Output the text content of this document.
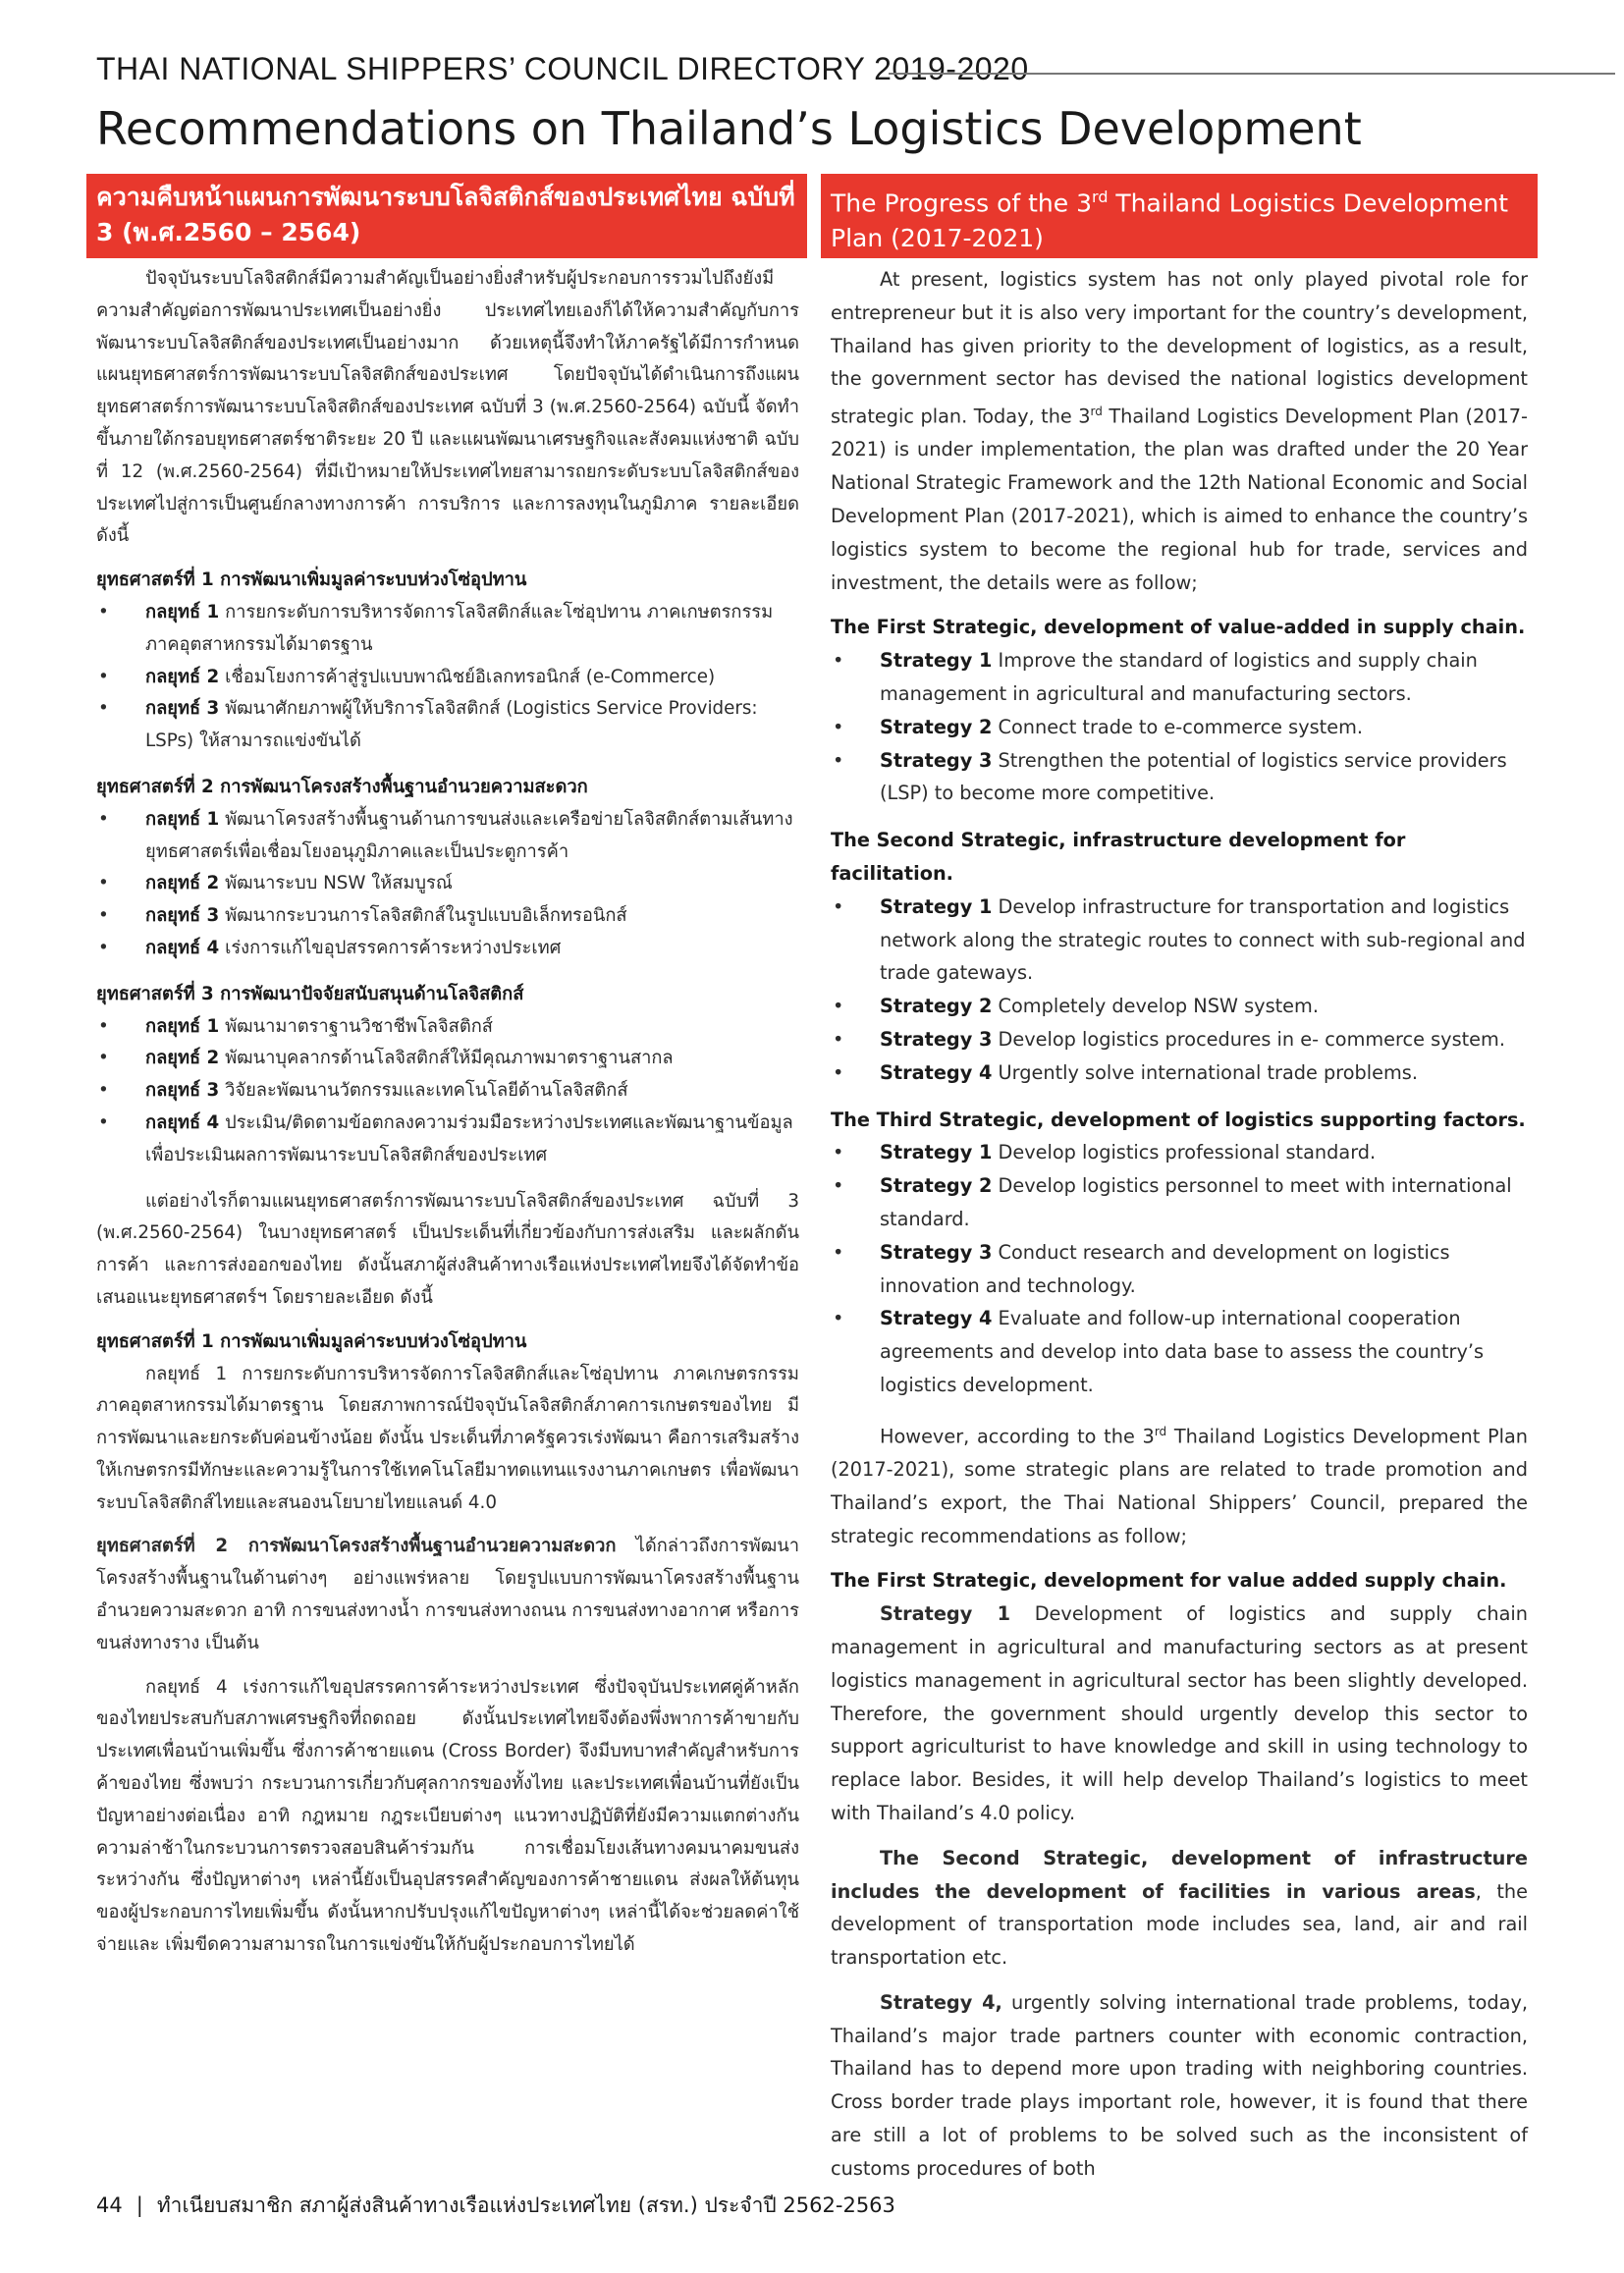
THAI NATIONAL SHIPPERS’ COUNCIL DIRECTORY 2019-2020
Recommendations on Thailand’s Logistics Development
ความคืบหน้าแผนการพัฒนาระบบโลจิสติกส์ของประเทศไทย ฉบับที่ 3 (พ.ศ.2560 – 2564)
The Progress of the 3rd Thailand Logistics Development Plan (2017-2021)

ปัจจุบันระบบโลจิสติกส์มีความสำคัญเป็นอย่างยิ่งสำหรับผู้ประกอบการรวมไปถึงยังมีความสำคัญต่อการพัฒนาประเทศเป็นอย่างยิ่ง ประเทศไทยเองก็ได้ให้ความสำคัญกับการพัฒนาระบบโลจิสติกส์ของประเทศเป็นอย่างมาก ด้วยเหตุนี้จึงทำให้ภาครัฐได้มีการกำหนดแผนยุทธศาสตร์การพัฒนาระบบโลจิสติกส์ของประเทศ โดยปัจจุบันได้ดำเนินการถึงแผนยุทธศาสตร์การพัฒนาระบบโลจิสติกส์ของประเทศ ฉบับที่ 3 (พ.ศ.2560-2564) ฉบับนี้ จัดทำขึ้นภายใต้กรอบยุทธศาสตร์ชาติระยะ 20 ปี และแผนพัฒนาเศรษฐกิจและสังคมแห่งชาติ ฉบับที่ 12 (พ.ศ.2560-2564) ที่มีเป้าหมายให้ประเทศไทยสามารถยกระดับระบบโลจิสติกส์ของประเทศไปสู่การเป็นศูนย์กลางทางการค้า การบริการ และการลงทุนในภูมิภาค รายละเอียด ดังนี้

ยุทธศาสตร์ที่ 1 การพัฒนาเพิ่มมูลค่าระบบห่วงโซ่อุปทาน
• กลยุทธ์ 1 การยกระดับการบริหารจัดการโลจิสติกส์และโซ่อุปทาน ภาคเกษตรกรรม ภาคอุตสาหกรรมได้มาตรฐาน
• กลยุทธ์ 2 เชื่อมโยงการค้าสู่รูปแบบพาณิชย์อิเลกทรอนิกส์ (e-Commerce)
• กลยุทธ์ 3 พัฒนาศักยภาพผู้ให้บริการโลจิสติกส์ (Logistics Service Providers: LSPs) ให้สามารถแข่งขันได้
ยุทธศาสตร์ที่ 2 การพัฒนาโครงสร้างพื้นฐานอำนวยความสะดวก
• กลยุทธ์ 1 พัฒนาโครงสร้างพื้นฐานด้านการขนส่งและเครือข่ายโลจิสติกส์ตามเส้นทางยุทธศาสตร์เพื่อเชื่อมโยงอนุภูมิภาคและเป็นประตูการค้า
• กลยุทธ์ 2 พัฒนาระบบ NSW ให้สมบูรณ์
• กลยุทธ์ 3 พัฒนากระบวนการโลจิสติกส์ในรูปแบบอิเล็กทรอนิกส์
• กลยุทธ์ 4 เร่งการแก้ไขอุปสรรคการค้าระหว่างประเทศ
ยุทธศาสตร์ที่ 3 การพัฒนาปัจจัยสนับสนุนด้านโลจิสติกส์
• กลยุทธ์ 1 พัฒนามาตราฐานวิชาชีพโลจิสติกส์
• กลยุทธ์ 2 พัฒนาบุคลากรด้านโลจิสติกส์ให้มีคุณภาพมาตราฐานสากล
• กลยุทธ์ 3 วิจัยละพัฒนานวัตกรรมและเทคโนโลยีด้านโลจิสติกส์
• กลยุทธ์ 4 ประเมิน/ติดตามข้อตกลงความร่วมมือระหว่างประเทศและพัฒนาฐานข้อมูล เพื่อประเมินผลการพัฒนาระบบโลจิสติกส์ของประเทศ

แต่อย่างไรก็ตามแผนยุทธศาสตร์การพัฒนาระบบโลจิสติกส์ของประเทศ ฉบับที่ 3 (พ.ศ.2560-2564) ในบางยุทธศาสตร์ เป็นประเด็นที่เกี่ยวข้องกับการส่งเสริม และผลักดันการค้า และการส่งออกของไทย ดังนั้นสภาผู้ส่งสินค้าทางเรือแห่งประเทศไทยจึงได้จัดทำข้อเสนอแนะยุทธศาสตร์ฯ โดยรายละเอียด ดังนี้

ยุทธศาสตร์ที่ 1 การพัฒนาเพิ่มมูลค่าระบบห่วงโซ่อุปทาน

กลยุทธ์ 1 การยกระดับการบริหารจัดการโลจิสติกส์และโซ่อุปทาน ภาคเกษตรกรรม ภาคอุตสาหกรรมได้มาตรฐาน โดยสภาพการณ์ปัจจุบันโลจิสติกส์ภาคการเกษตรของไทย มีการพัฒนาและยกระดับค่อนข้างน้อย ดังนั้น ประเด็นที่ภาครัฐควรเร่งพัฒนา คือการเสริมสร้างให้เกษตรกรมีทักษะและความรู้ในการใช้เทคโนโลยีมาทดแทนแรงงานภาคเกษตร เพื่อพัฒนาระบบโลจิสติกส์ไทยและสนองนโยบายไทยแลนด์ 4.0

ยุทธศาสตร์ที่ 2 การพัฒนาโครงสร้างพื้นฐานอำนวยความสะดวก ได้กล่าวถึงการพัฒนาโครงสร้างพื้นฐานในด้านต่างๆ อย่างแพร่หลาย โดยรูปแบบการพัฒนาโครงสร้างพื้นฐานอำนวยความสะดวก อาทิ การขนส่งทางน้ำ การขนส่งทางถนน การขนส่งทางอากาศ หรือการขนส่งทางราง เป็นต้น

กลยุทธ์ 4 เร่งการแก้ไขอุปสรรคการค้าระหว่างประเทศ ซึ่งปัจจุบันประเทศคู่ค้าหลักของไทยประสบกับสภาพเศรษฐกิจที่ถดถอย ดังนั้นประเทศไทยจึงต้องพึ่งพาการค้าขายกับประเทศเพื่อนบ้านเพิ่มขึ้น ซึ่งการค้าชายแดน (Cross Border) จึงมีบทบาทสำคัญสำหรับการค้าของไทย ซึ่งพบว่า กระบวนการเกี่ยวกับศุลกากรของทั้งไทย และประเทศเพื่อนบ้านที่ยังเป็นปัญหาอย่างต่อเนื่อง อาทิ กฎหมาย กฎระเบียบต่างๆ แนวทางปฏิบัติที่ยังมีความแตกต่างกัน ความล่าช้าในกระบวนการตรวจสอบสินค้าร่วมกัน การเชื่อมโยงเส้นทางคมนาคมขนส่งระหว่างกัน ซึ่งปัญหาต่างๆ เหล่านี้ยังเป็นอุปสรรคสำคัญของการค้าชายแดน ส่งผลให้ต้นทุนของผู้ประกอบการไทยเพิ่มขึ้น ดังนั้นหากปรับปรุงแก้ไขปัญหาต่างๆ เหล่านี้ได้จะช่วยลดค่าใช้จ่ายและ เพิ่มขีดความสามารถในการแข่งขันให้กับผู้ประกอบการไทยได้

At present, logistics system has not only played pivotal role for entrepreneur but it is also very important for the country’s development, Thailand has given priority to the development of logistics, as a result, the government sector has devised the national logistics development strategic plan. Today, the 3rd Thailand Logistics Development Plan (2017-2021) is under implementation, the plan was drafted under the 20 Year National Strategic Framework and the 12th National Economic and Social Development Plan (2017-2021), which is aimed to enhance the country’s logistics system to become the regional hub for trade, services and investment, the details were as follow;

The First Strategic, development of value-added in supply chain.
• Strategy 1 Improve the standard of logistics and supply chain management in agricultural and manufacturing sectors.
• Strategy 2 Connect trade to e-commerce system.
• Strategy 3 Strengthen the potential of logistics service providers (LSP) to become more competitive.
The Second Strategic, infrastructure development for facilitation.
• Strategy 1 Develop infrastructure for transportation and logistics network along the strategic routes to connect with sub-regional and trade gateways.
• Strategy 2 Completely develop NSW system.
• Strategy 3 Develop logistics procedures in e- commerce system.
• Strategy 4 Urgently solve international trade problems.
The Third Strategic, development of logistics supporting factors.
• Strategy 1 Develop logistics professional standard.
• Strategy 2 Develop logistics personnel to meet with international standard.
• Strategy 3 Conduct research and development on logistics innovation and technology.
• Strategy 4 Evaluate and follow-up international cooperation agreements and develop into data base to assess the country’s logistics development.

However, according to the 3rd Thailand Logistics Development Plan (2017-2021), some strategic plans are related to trade promotion and Thailand’s export, the Thai National Shippers’ Council, prepared the strategic recommendations as follow;

The First Strategic, development for value added supply chain.

Strategy 1 Development of logistics and supply chain management in agricultural and manufacturing sectors as at present logistics management in agricultural sector has been slightly developed. Therefore, the government should urgently develop this sector to support agriculturist to have knowledge and skill in using technology to replace labor. Besides, it will help develop Thailand’s logistics to meet with Thailand’s 4.0 policy.

The Second Strategic, development of infrastructure includes the development of facilities in various areas, the development of transportation mode includes sea, land, air and rail transportation etc.

Strategy 4, urgently solving international trade problems, today, Thailand’s major trade partners counter with economic contraction, Thailand has to depend more upon trading with neighboring countries. Cross border trade plays important role, however, it is found that there are still a lot of problems to be solved such as the inconsistent of customs procedures of both

44 | ทำเนียบสมาชิก สภาผู้ส่งสินค้าทางเรือแห่งประเทศไทย (สรท.) ประจำปี 2562-2563
